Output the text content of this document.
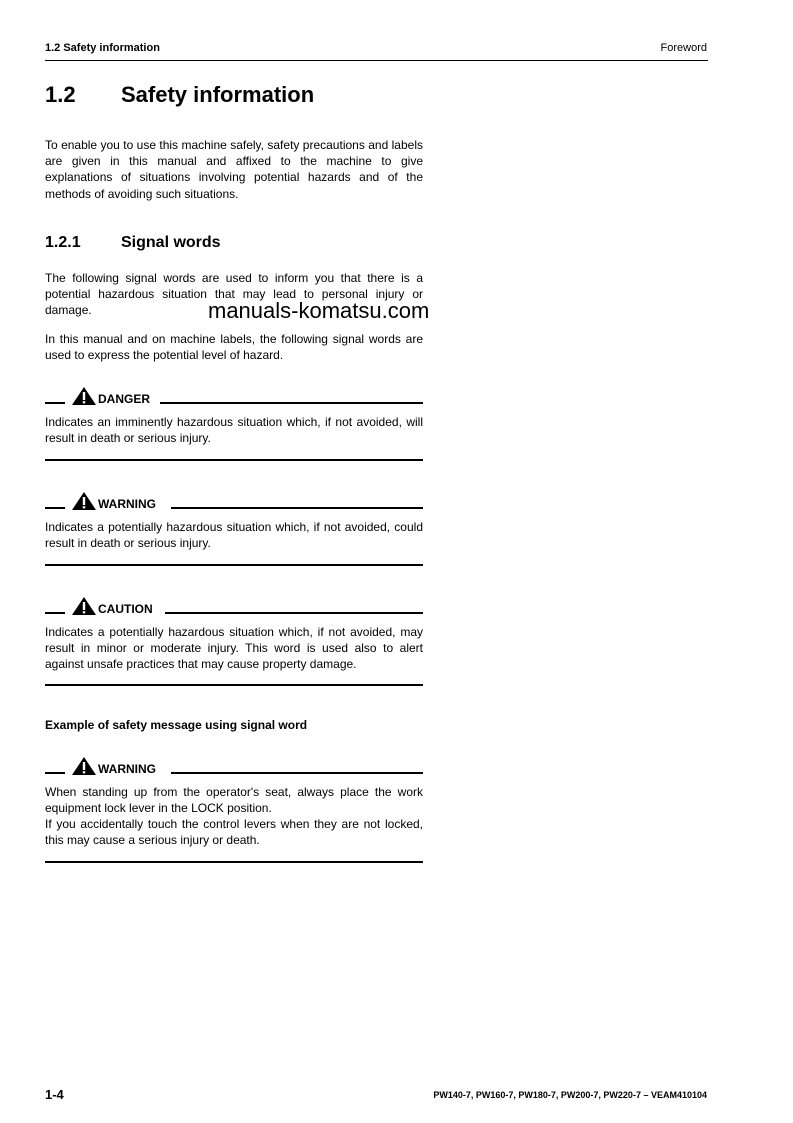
1.2 Safety information	Foreword
1.2 Safety information
To enable you to use this machine safely, safety precautions and labels are given in this manual and affixed to the machine to give explanations of situations involving potential hazards and of the methods of avoiding such situations.
1.2.1	Signal words
The following signal words are used to inform you that there is a potential hazardous situation that may lead to personal injury or damage.	manuals-komatsu.com
In this manual and on machine labels, the following signal words are used to express the potential level of hazard.
DANGER
Indicates an imminently hazardous situation which, if not avoided, will result in death or serious injury.
WARNING
Indicates a potentially hazardous situation which, if not avoided, could result in death or serious injury.
CAUTION
Indicates a potentially hazardous situation which, if not avoided, may result in minor or moderate injury. This word is used also to alert against unsafe practices that may cause property damage.
Example of safety message using signal word
WARNING
When standing up from the operator's seat, always place the work equipment lock lever in the LOCK position.
If you accidentally touch the control levers when they are not locked, this may cause a serious injury or death.
1-4	PW140-7, PW160-7, PW180-7, PW200-7, PW220-7 – VEAM410104
